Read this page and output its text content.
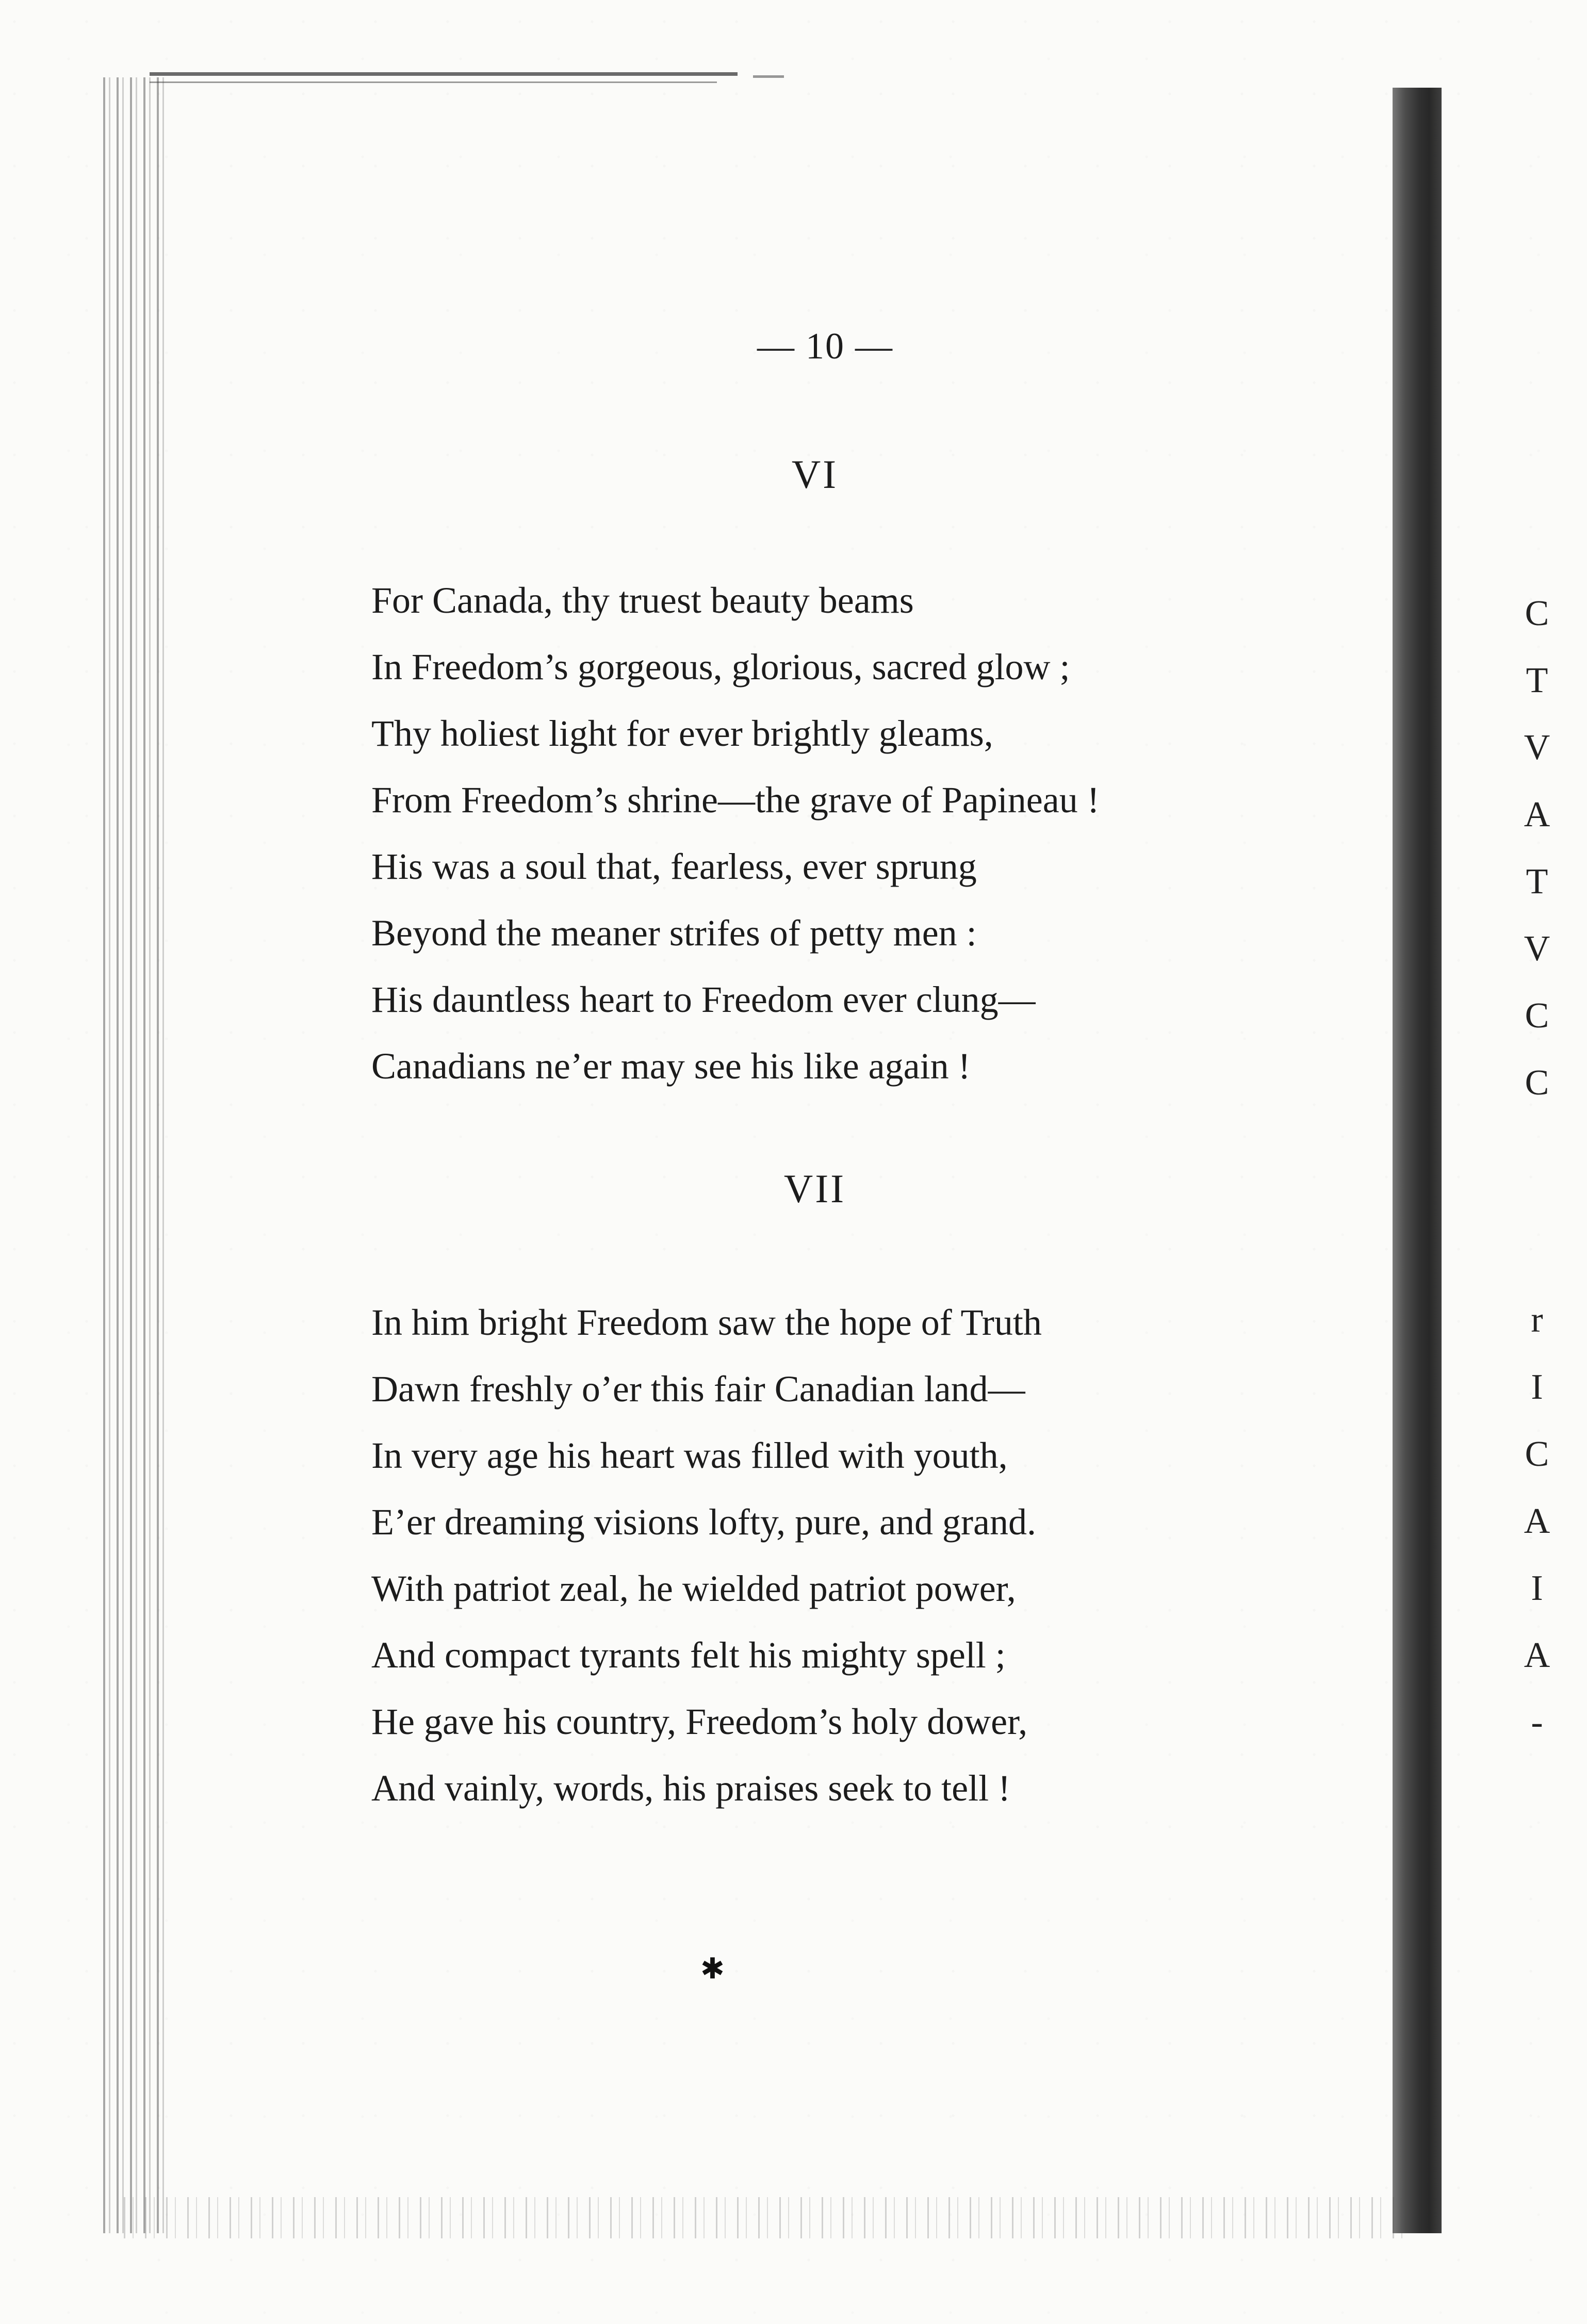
— 10 —
VI
For Canada, thy truest beauty beams
In Freedom’s gorgeous, glorious, sacred glow ;
Thy holiest light for ever brightly gleams,
From Freedom’s shrine—the grave of Papineau !
His was a soul that, fearless, ever sprung
Beyond the meaner strifes of petty men :
His dauntless heart to Freedom ever clung—
Canadians ne’er may see his like again !
VII
In him bright Freedom saw the hope of Truth
Dawn freshly o’er this fair Canadian land—
In very age his heart was filled with youth,
E’er dreaming visions lofty, pure, and grand.
With patriot zeal, he wielded patriot power,
And compact tyrants felt his mighty spell ;
He gave his country, Freedom’s holy dower,
And vainly, words, his praises seek to tell !
C
T
V
A
T
V
C
C
r
I
C
A
I
A
-
✱
